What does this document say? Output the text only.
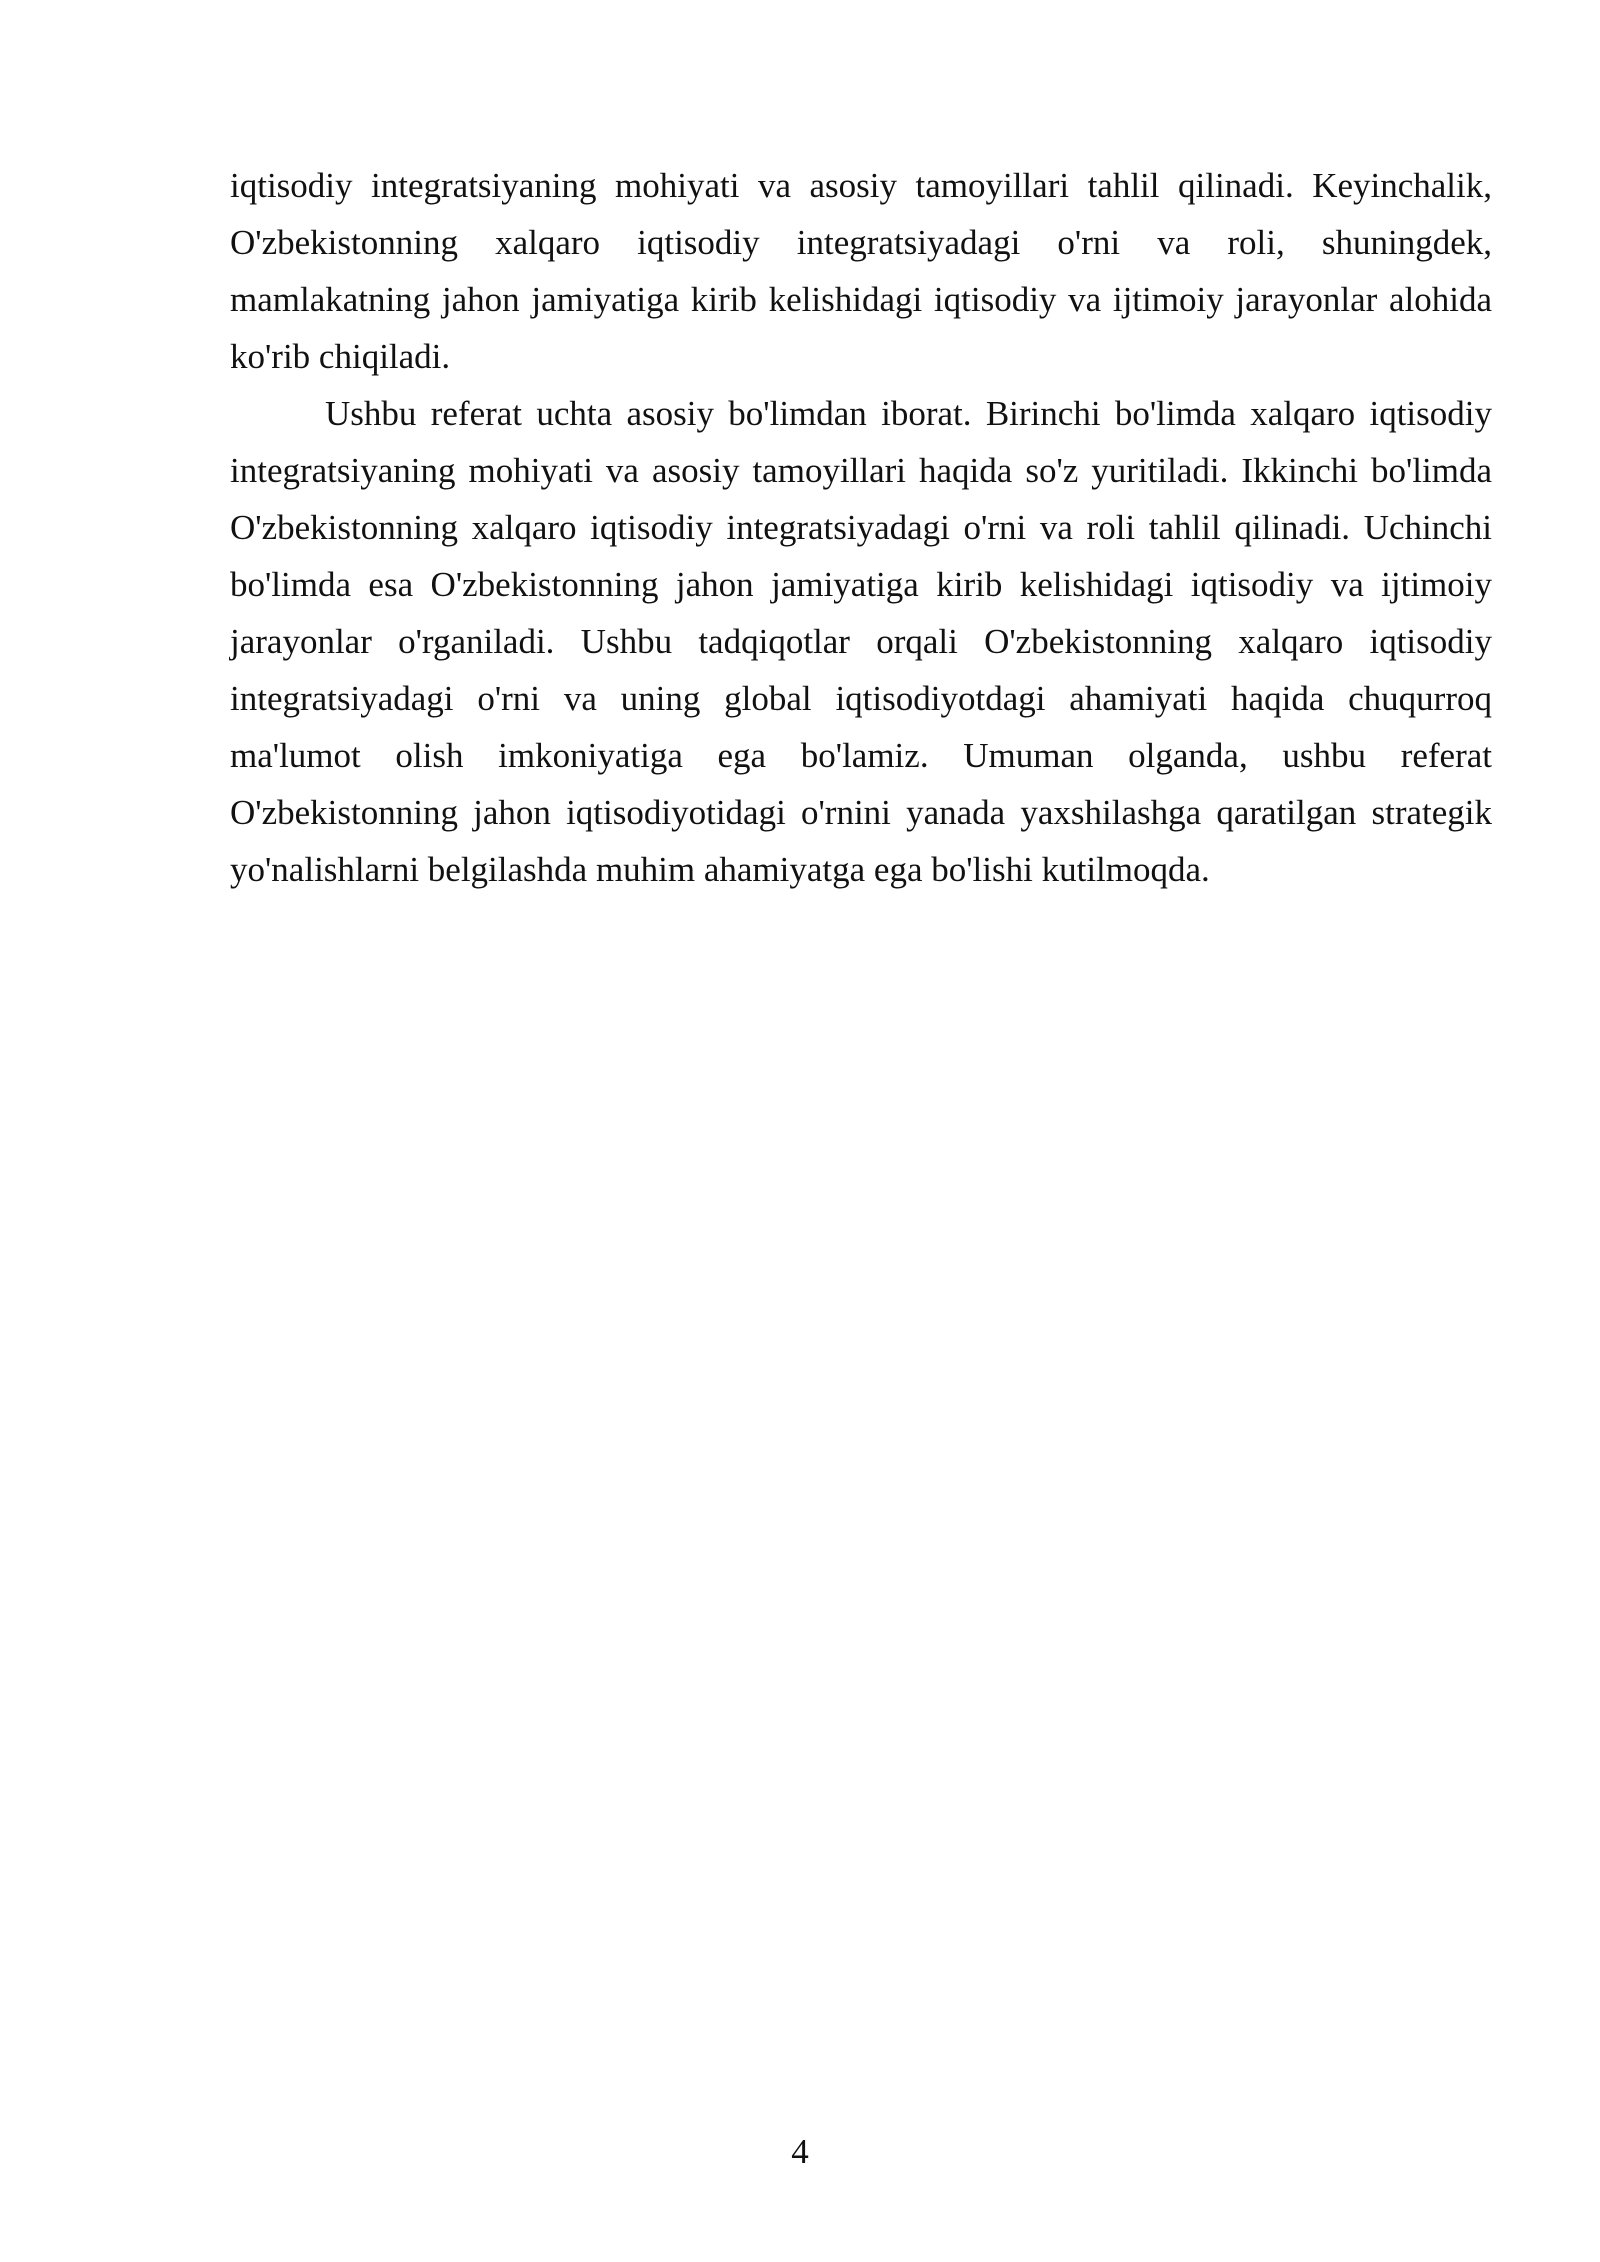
iqtisodiy integratsiyaning mohiyati va asosiy tamoyillari tahlil qilinadi. Keyinchalik, O'zbekistonning xalqaro iqtisodiy integratsiyadagi o'rni va roli, shuningdek, mamlakatning jahon jamiyatiga kirib kelishidagi iqtisodiy va ijtimoiy jarayonlar alohida ko'rib chiqiladi.

Ushbu referat uchta asosiy bo'limdan iborat. Birinchi bo'limda xalqaro iqtisodiy integratsiyaning mohiyati va asosiy tamoyillari haqida so'z yuritiladi. Ikkinchi bo'limda O'zbekistonning xalqaro iqtisodiy integratsiyadagi o'rni va roli tahlil qilinadi. Uchinchi bo'limda esa O'zbekistonning jahon jamiyatiga kirib kelishidagi iqtisodiy va ijtimoiy jarayonlar o'rganiladi. Ushbu tadqiqotlar orqali O'zbekistonning xalqaro iqtisodiy integratsiyadagi o'rni va uning global iqtisodiyotdagi ahamiyati haqida chuqurroq ma'lumot olish imkoniyatiga ega bo'lamiz. Umuman olganda, ushbu referat O'zbekistonning jahon iqtisodiyotidagi o'rnini yanada yaxshilashga qaratilgan strategik yo'nalishlarni belgilashda muhim ahamiyatga ega bo'lishi kutilmoqda.

4
